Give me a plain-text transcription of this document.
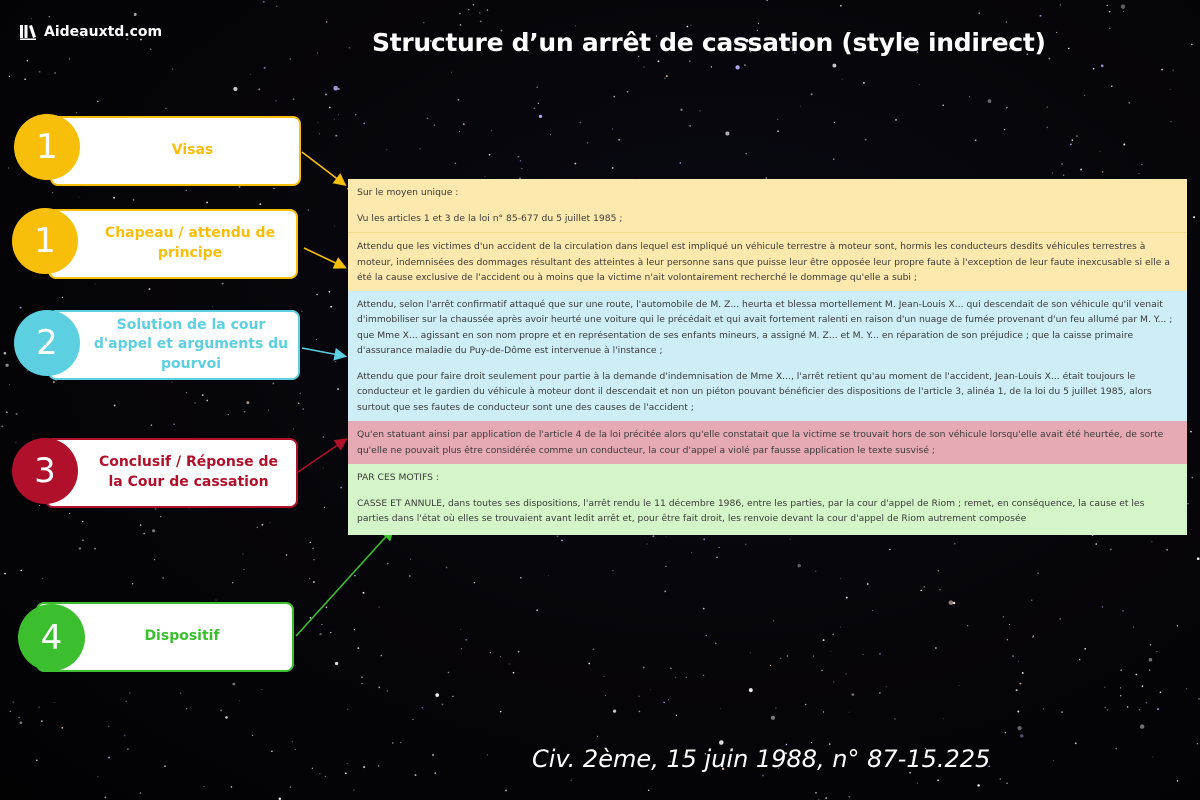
Aideauxtd.com	Structure d’un arrêt de cassation (style indirect)
Visas
1
Chapeau / attendu de principe
1
Solution de la cour d'appel et arguments du pourvoi
2
Conclusif / Réponse de la Cour de cassation
3
Dispositif
4

Sur le moyen unique :

Vu les articles 1 et 3 de la loi n° 85-677 du 5 juillet 1985 ;

Attendu que les victimes d'un accident de la circulation dans lequel est impliqué un véhicule terrestre à moteur sont, hormis les conducteurs desdits véhicules terrestres à moteur, indemnisées des dommages résultant des atteintes à leur personne sans que puisse leur être opposée leur propre faute à l'exception de leur faute inexcusable si elle a été la cause exclusive de l'accident ou à moins que la victime n'ait volontairement recherché le dommage qu'elle a subi ;

Attendu, selon l'arrêt confirmatif attaqué que sur une route, l'automobile de M. Z... heurta et blessa mortellement M. Jean-Louis X... qui descendait de son véhicule qu'il venait d'immobiliser sur la chaussée après avoir heurté une voiture qui le précédait et qui avait fortement ralenti en raison d'un nuage de fumée provenant d'un feu allumé par M. Y... ; que Mme X... agissant en son nom propre et en représentation de ses enfants mineurs, a assigné M. Z... et M. Y... en réparation de son préjudice ; que la caisse primaire d'assurance maladie du Puy-de-Dôme est intervenue à l'instance ;

Attendu que pour faire droit seulement pour partie à la demande d'indemnisation de Mme X..., l'arrêt retient qu'au moment de l'accident, Jean-Louis X... était toujours le conducteur et le gardien du véhicule à moteur dont il descendait et non un piéton pouvant bénéficier des dispositions de l'article 3, alinéa 1, de la loi du 5 juillet 1985, alors surtout que ses fautes de conducteur sont une des causes de l'accident ;

Qu'en statuant ainsi par application de l'article 4 de la loi précitée alors qu'elle constatait que la victime se trouvait hors de son véhicule lorsqu'elle avait été heurtée, de sorte qu'elle ne pouvait plus être considérée comme un conducteur, la cour d'appel a violé par fausse application le texte susvisé ;

PAR CES MOTIFS :

CASSE ET ANNULE, dans toutes ses dispositions, l'arrêt rendu le 11 décembre 1986, entre les parties, par la cour d'appel de Riom ; remet, en conséquence, la cause et les parties dans l'état où elles se trouvaient avant ledit arrêt et, pour être fait droit, les renvoie devant la cour d'appel de Riom autrement composée

Civ. 2ème, 15 juin 1988, n° 87-15.225
